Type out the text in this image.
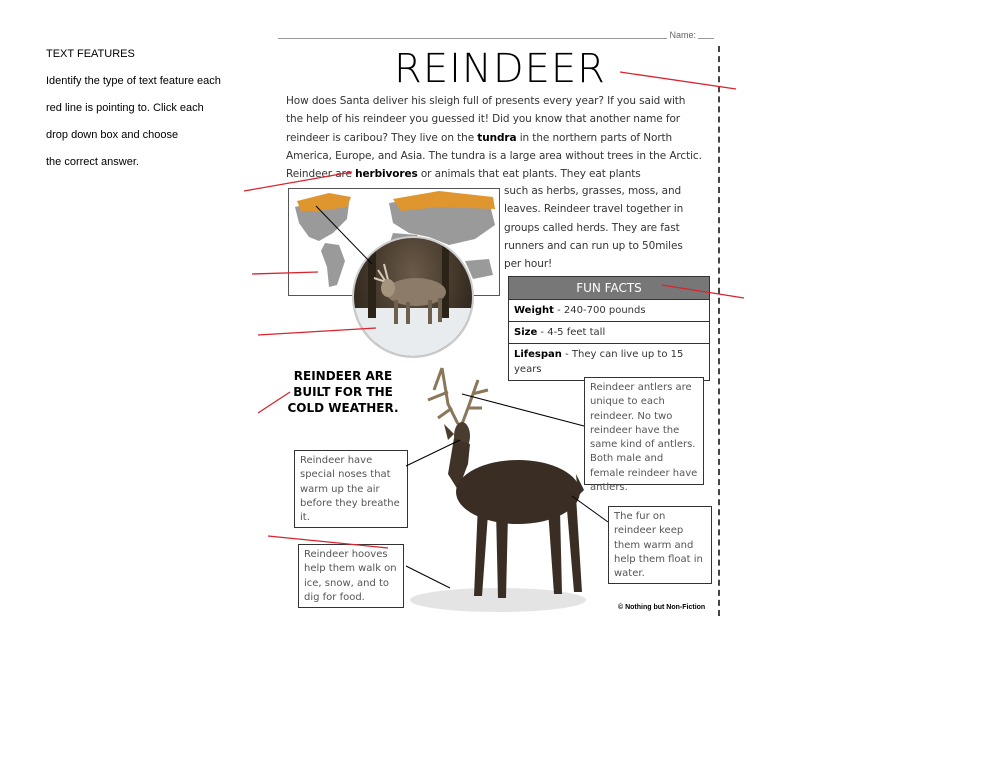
TEXT FEATURES
Identify the type of text feature each
red line is pointing to. Click each
drop down box and choose
the correct answer.
Name:
REINDEER
How does Santa deliver his sleigh full of presents every year? If you said with
the help of his reindeer you guessed it! Did you know that another name for
reindeer is caribou? They live on the tundra in the northern parts of North
America, Europe, and Asia. The tundra is a large area without trees in the Arctic.
Reindeer are herbivores or animals that eat plants. They eat plants
such as herbs, grasses, moss, and
leaves. Reindeer travel together in
groups called herds. They are fast
runners and can run up to 50miles
per hour!
FUN FACTS
Weight - 240-700 pounds
Size - 4-5 feet tall
Lifespan - They can live up to 15 years
REINDEER ARE BUILT FOR THE COLD WEATHER.
Reindeer antlers are unique to each reindeer. No two reindeer have the same kind of antlers. Both male and female reindeer have antlers.
Reindeer have special noses that warm up the air before they breathe it.	The fur on reindeer keep them warm and help them float in water.
Reindeer hooves help them walk on ice, snow, and to dig for food.
© Nothing but Non-Fiction
